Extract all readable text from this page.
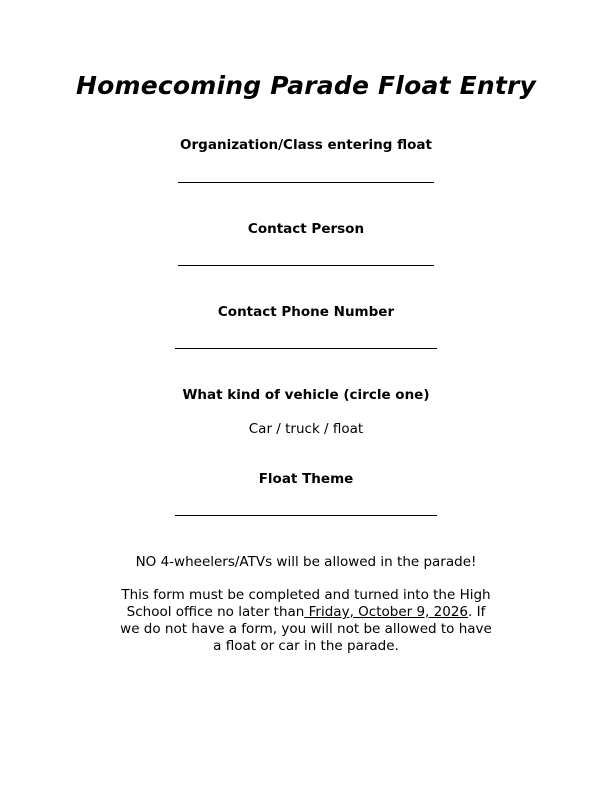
Homecoming Parade Float Entry
Organization/Class entering float
Contact Person
Contact Phone Number
What kind of vehicle (circle one)
Car / truck / float
Float Theme
NO 4-wheelers/ATVs will be allowed in the parade!
This form must be completed and turned into the High School office no later than Friday, October 9, 2026. If we do not have a form, you will not be allowed to have a float or car in the parade.
